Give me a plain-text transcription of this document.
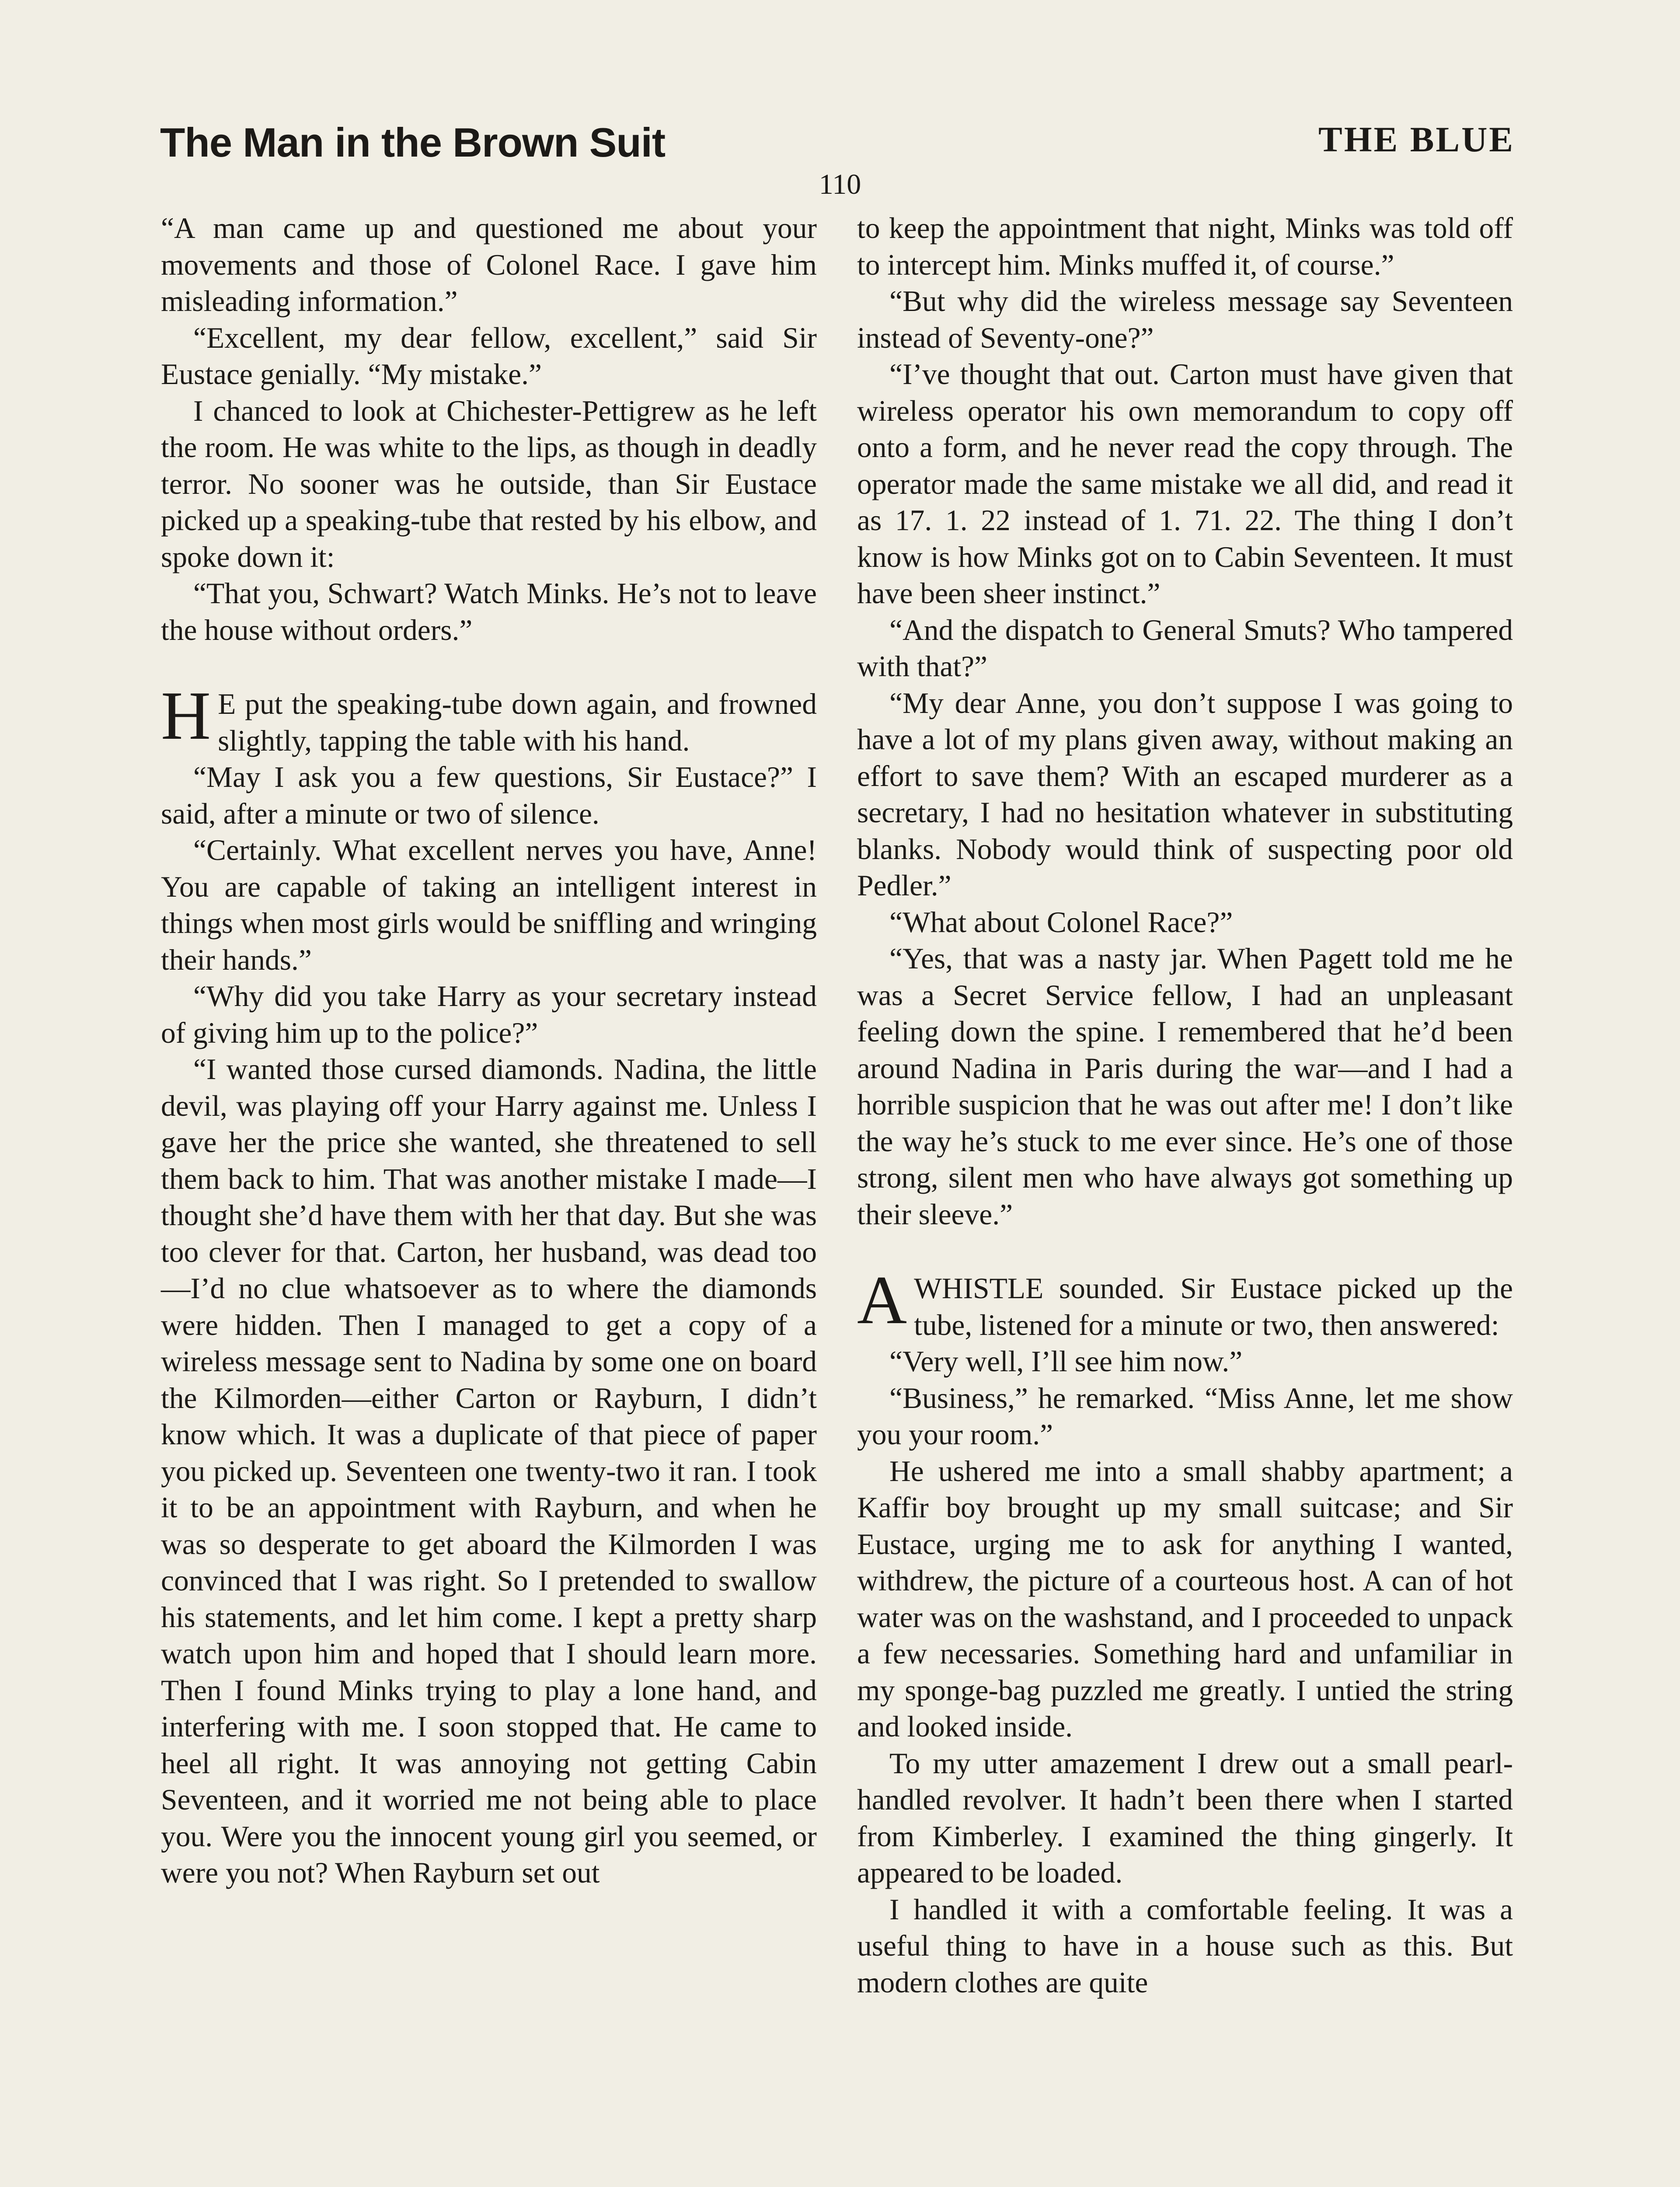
The Man in the Brown Suit	THE BLUE
110

“A man came up and questioned me about your movements and those of Colonel Race. I gave him misleading information.”

“Excellent, my dear fellow, excellent,” said Sir Eustace genially. “My mistake.”

I chanced to look at Chichester-Pettigrew as he left the room. He was white to the lips, as though in deadly terror. No sooner was he outside, than Sir Eustace picked up a speaking-tube that rested by his elbow, and spoke down it:

“That you, Schwart? Watch Minks. He’s not to leave the house without orders.”

H E put the speaking-tube down again, and frowned slightly, tapping the table with his hand.

“May I ask you a few questions, Sir Eustace?” I said, after a minute or two of silence.

“Certainly. What excellent nerves you have, Anne! You are capable of taking an intelligent interest in things when most girls would be sniffling and wringing their hands.”

“Why did you take Harry as your secretary instead of giving him up to the police?”

“I wanted those cursed diamonds. Nadina, the little devil, was playing off your Harry against me. Unless I gave her the price she wanted, she threatened to sell them back to him. That was another mistake I made—I thought she’d have them with her that day. But she was too clever for that. Carton, her husband, was dead too—I’d no clue whatsoever as to where the diamonds were hidden. Then I managed to get a copy of a wireless message sent to Nadina by some one on board the Kilmorden—either Carton or Rayburn, I didn’t know which. It was a duplicate of that piece of paper you picked up. Seventeen one twenty-two it ran. I took it to be an appointment with Rayburn, and when he was so desperate to get aboard the Kilmorden I was convinced that I was right. So I pretended to swallow his statements, and let him come. I kept a pretty sharp watch upon him and hoped that I should learn more. Then I found Minks trying to play a lone hand, and interfering with me. I soon stopped that. He came to heel all right. It was annoying not getting Cabin Seventeen, and it worried me not being able to place you. Were you the innocent young girl you seemed, or were you not? When Rayburn set out

to keep the appointment that night, Minks was told off to intercept him. Minks muffed it, of course.”

“But why did the wireless message say Seventeen instead of Seventy-one?”

“I’ve thought that out. Carton must have given that wireless operator his own memorandum to copy off onto a form, and he never read the copy through. The operator made the same mistake we all did, and read it as 17. 1. 22 instead of 1. 71. 22. The thing I don’t know is how Minks got on to Cabin Seventeen. It must have been sheer instinct.”

“And the dispatch to General Smuts? Who tampered with that?”

“My dear Anne, you don’t suppose I was going to have a lot of my plans given away, without making an effort to save them? With an escaped murderer as a secretary, I had no hesitation whatever in substituting blanks. Nobody would think of suspecting poor old Pedler.”

“What about Colonel Race?”

“Yes, that was a nasty jar. When Pagett told me he was a Secret Service fellow, I had an unpleasant feeling down the spine. I remembered that he’d been around Nadina in Paris during the war—and I had a horrible suspicion that he was out after me! I don’t like the way he’s stuck to me ever since. He’s one of those strong, silent men who have always got something up their sleeve.”

AWHISTLE sounded. Sir Eustace picked up the tube, listened for a minute or two, then answered:

“Very well, I’ll see him now.”

“Business,” he remarked. “Miss Anne, let me show you your room.”

He ushered me into a small shabby apartment; a Kaffir boy brought up my small suitcase; and Sir Eustace, urging me to ask for anything I wanted, withdrew, the picture of a courteous host. A can of hot water was on the washstand, and I proceeded to unpack a few necessaries. Something hard and unfamiliar in my sponge-bag puzzled me greatly. I untied the string and looked inside.

To my utter amazement I drew out a small pearl-handled revolver. It hadn’t been there when I started from Kimberley. I examined the thing gingerly. It appeared to be loaded.

I handled it with a comfortable feeling. It was a useful thing to have in a house such as this. But modern clothes are quite
